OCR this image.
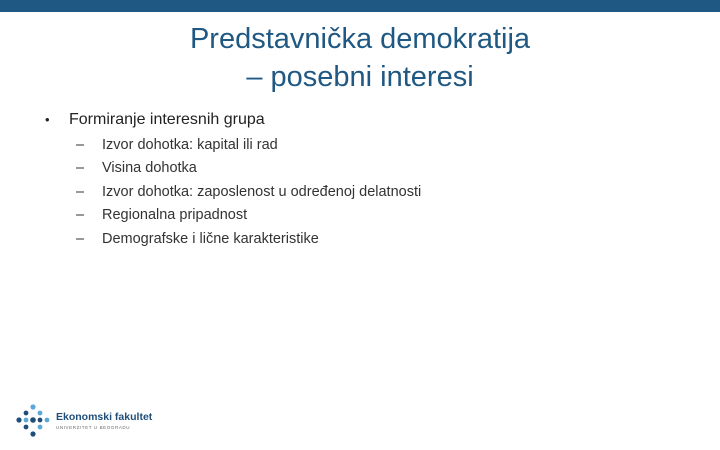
Predstavnička demokratija
– posebni interesi
•	Formiranje interesnih grupa
–	Izvor dohotka: kapital ili rad
–	Visina dohotka
–	Izvor dohotka: zaposlenost u određenoj delatnosti
–	Regionalna pripadnost
–	Demografske i lične karakteristike
Ekonomski fakultet
UNIVERZITET U BEOGRADU
